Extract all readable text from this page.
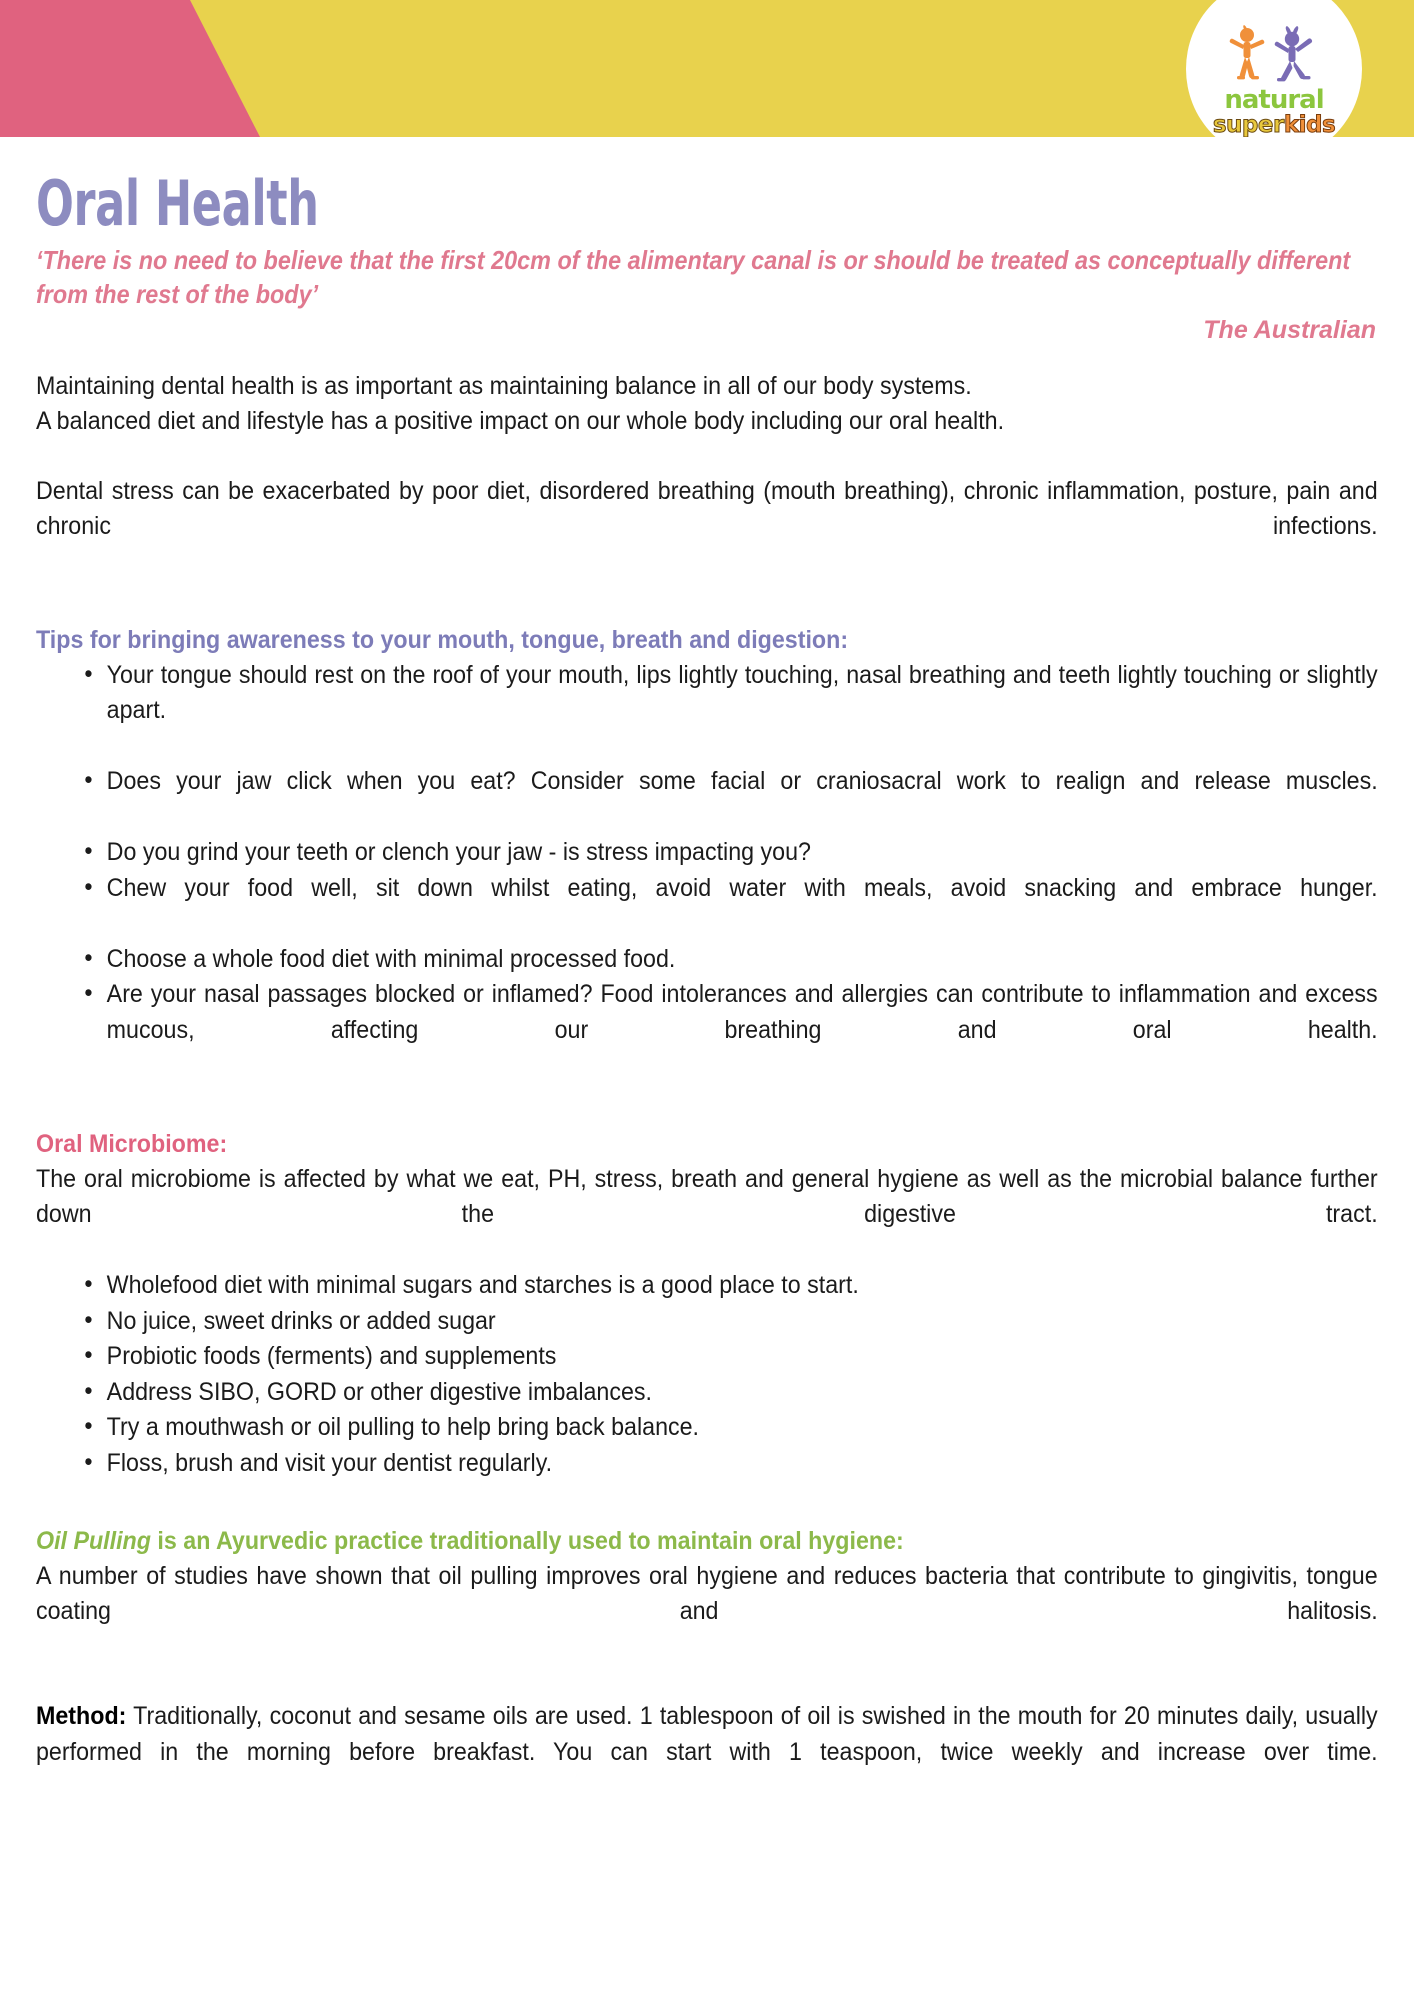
natural
superkids
Oral Health
‘There is no need to believe that the first 20cm of the alimentary canal is or should be treated as conceptually different from the rest of the body’
The Australian
Maintaining dental health is as important as maintaining balance in all of our body systems.
A balanced diet and lifestyle has a positive impact on our whole body including our oral health.
Dental stress can be exacerbated by poor diet, disordered breathing (mouth breathing), chronic inflammation, posture, pain and chronic infections.
Tips for bringing awareness to your mouth, tongue, breath and digestion:
• Your tongue should rest on the roof of your mouth, lips lightly touching, nasal breathing and teeth lightly touching or slightly apart.
• Does your jaw click when you eat? Consider some facial or craniosacral work to realign and release muscles.
• Do you grind your teeth or clench your jaw - is stress impacting you?
• Chew your food well, sit down whilst eating, avoid water with meals, avoid snacking and embrace hunger.
• Choose a whole food diet with minimal processed food.
• Are your nasal passages blocked or inflamed? Food intolerances and allergies can contribute to inflammation and excess mucous, affecting our breathing and oral health.
Oral Microbiome:
The oral microbiome is affected by what we eat, PH, stress, breath and general hygiene as well as the microbial balance further down the digestive tract.
• Wholefood diet with minimal sugars and starches is a good place to start.
• No juice, sweet drinks or added sugar
• Probiotic foods (ferments) and supplements
• Address SIBO, GORD or other digestive imbalances.
• Try a mouthwash or oil pulling to help bring back balance.
• Floss, brush and visit your dentist regularly.
Oil Pulling is an Ayurvedic practice traditionally used to maintain oral hygiene:
A number of studies have shown that oil pulling improves oral hygiene and reduces bacteria that contribute to gingivitis, tongue coating and halitosis.
Method: Traditionally, coconut and sesame oils are used. 1 tablespoon of oil is swished in the mouth for 20 minutes daily, usually performed in the morning before breakfast. You can start with 1 teaspoon, twice weekly and increase over time.
